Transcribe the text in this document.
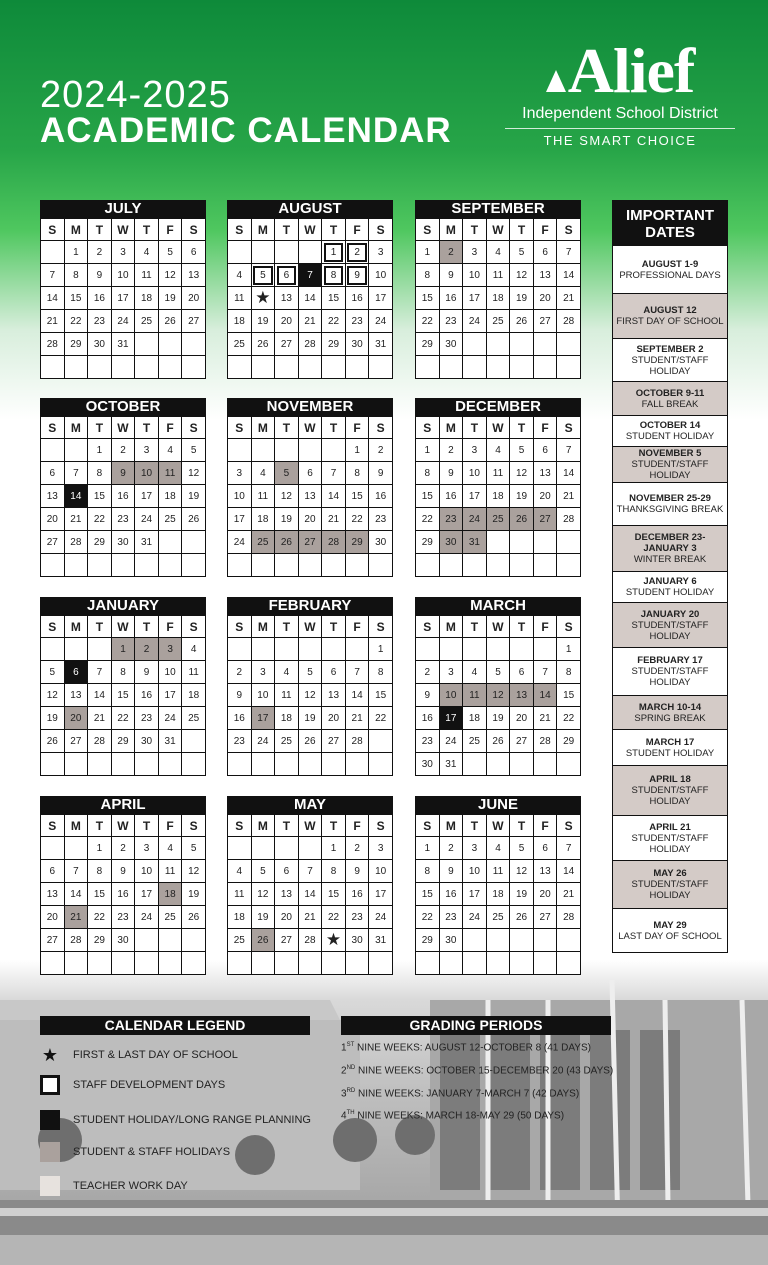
2024-2025
ACADEMIC CALENDAR
Alief
Independent School District
THE SMART CHOICE
JULY
S	M	T	W	T	F	S
	1	2	3	4	5	6
7	8	9	10	11	12	13
14	15	16	17	18	19	20
21	22	23	24	25	26	27
28	29	30	31			

AUGUST
S	M	T	W	T	F	S
				1	2	3
4	5	6	7	8	9	10
11	★	13	14	15	16	17
18	19	20	21	22	23	24
25	26	27	28	29	30	31

SEPTEMBER
S	M	T	W	T	F	S
1	2	3	4	5	6	7
8	9	10	11	12	13	14
15	16	17	18	19	20	21
22	23	24	25	26	27	28
29	30					

OCTOBER
S	M	T	W	T	F	S
		1	2	3	4	5
6	7	8	9	10	11	12
13	14	15	16	17	18	19
20	21	22	23	24	25	26
27	28	29	30	31		

NOVEMBER
S	M	T	W	T	F	S
					1	2
3	4	5	6	7	8	9
10	11	12	13	14	15	16
17	18	19	20	21	22	23
24	25	26	27	28	29	30

DECEMBER
S	M	T	W	T	F	S
1	2	3	4	5	6	7
8	9	10	11	12	13	14
15	16	17	18	19	20	21
22	23	24	25	26	27	28
29	30	31				

JANUARY
S	M	T	W	T	F	S
			1	2	3	4
5	6	7	8	9	10	11
12	13	14	15	16	17	18
19	20	21	22	23	24	25
26	27	28	29	30	31	

FEBRUARY
S	M	T	W	T	F	S
						1
2	3	4	5	6	7	8
9	10	11	12	13	14	15
16	17	18	19	20	21	22
23	24	25	26	27	28	

MARCH
S	M	T	W	T	F	S
						1
2	3	4	5	6	7	8
9	10	11	12	13	14	15
16	17	18	19	20	21	22
23	24	25	26	27	28	29
30	31					
APRIL
S	M	T	W	T	F	S
		1	2	3	4	5
6	7	8	9	10	11	12
13	14	15	16	17	18	19
20	21	22	23	24	25	26
27	28	29	30			

MAY
S	M	T	W	T	F	S
				1	2	3
4	5	6	7	8	9	10
11	12	13	14	15	16	17
18	19	20	21	22	23	24
25	26	27	28	★	30	31

JUNE
S	M	T	W	T	F	S
1	2	3	4	5	6	7
8	9	10	11	12	13	14
15	16	17	18	19	20	21
22	23	24	25	26	27	28
29	30					

IMPORTANT DATES
AUGUST 1-9
PROFESSIONAL DAYS
AUGUST 12
FIRST DAY OF SCHOOL
SEPTEMBER 2
STUDENT/STAFF HOLIDAY
OCTOBER 9-11
FALL BREAK
OCTOBER 14
STUDENT HOLIDAY
NOVEMBER 5
STUDENT/STAFF HOLIDAY
NOVEMBER 25-29
THANKSGIVING BREAK
DECEMBER 23-JANUARY 3
WINTER BREAK
JANUARY 6
STUDENT HOLIDAY
JANUARY 20
STUDENT/STAFF HOLIDAY
FEBRUARY 17
STUDENT/STAFF HOLIDAY
MARCH 10-14
SPRING BREAK
MARCH 17
STUDENT HOLIDAY
APRIL 18
STUDENT/STAFF HOLIDAY
APRIL 21
STUDENT/STAFF HOLIDAY
MAY 26
STUDENT/STAFF HOLIDAY
MAY 29
LAST DAY OF SCHOOL
CALENDAR LEGEND
★ FIRST & LAST DAY OF SCHOOL
STAFF DEVELOPMENT DAYS
STUDENT HOLIDAY/LONG RANGE PLANNING
STUDENT & STAFF HOLIDAYS
TEACHER WORK DAY
GRADING PERIODS
1ST NINE WEEKS: AUGUST 12-OCTOBER 8 (41 DAYS)
2ND NINE WEEKS: OCTOBER 15-DECEMBER 20 (43 DAYS)
3RD NINE WEEKS: JANUARY 7-MARCH 7 (42 DAYS)
4TH NINE WEEKS: MARCH 18-MAY 29 (50 DAYS)
